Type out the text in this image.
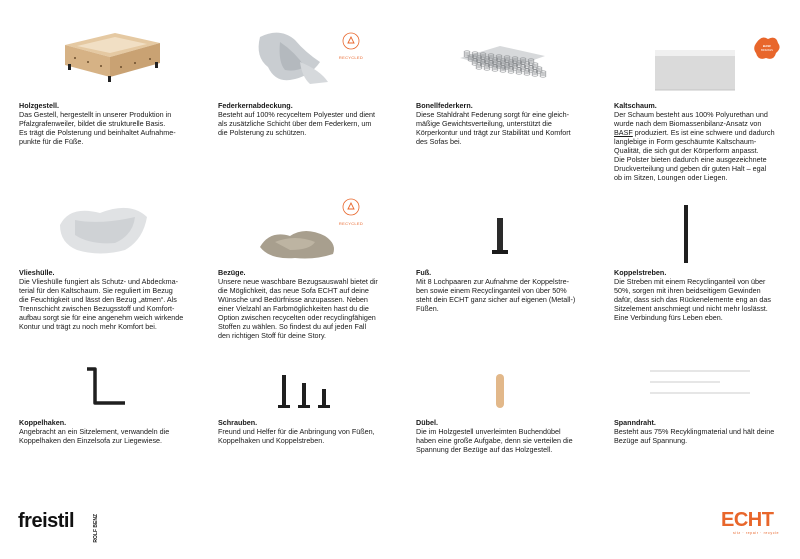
RECYCLED
BASF
BIOMASS
RECYCLED

Holzgestell.

Das Gestell, hergestellt in unserer Produktion in
Pfalzgrafenweiler, bildet die strukturelle Basis.
Es trägt die Polsterung und beinhaltet Aufnahme-
punkte für die Füße.

Federkernabdeckung.

Besteht auf 100% recyceltem Polyester und dient
als zusätzliche Schicht über dem Federkern, um
die Polsterung zu schützen.

Bonellfederkern.

Diese Stahldraht Federung sorgt für eine gleich-
mäßige Gewichtsverteilung, unterstützt die
Körperkontur und trägt zur Stabilität und Komfort
des Sofas bei.

Kaltschaum.

Der Schaum besteht aus 100% Polyurethan und
wurde nach dem Biomassenbilanz-Ansatz von
BASF produziert. Es ist eine schwere und dadurch
langlebige in Form geschäumte Kaltschaum-
Qualität, die sich gut der Körperform anpasst.
Die Polster bieten dadurch eine ausgezeichnete
Druckverteilung und geben dir guten Halt – egal
ob im Sitzen, Loungen oder Liegen.

Vlieshülle.

Die Vlieshülle fungiert als Schutz- und Abdeckma-
terial für den Kaltschaum. Sie reguliert im Bezug
die Feuchtigkeit und lässt den Bezug „atmen“. Als
Trennschicht zwischen Bezugsstoff und Komfort-
aufbau sorgt sie für eine angenehm weich wirkende
Kontur und trägt zu noch mehr Komfort bei.

Bezüge.

Unsere neue waschbare Bezugsauswahl bietet dir
die Möglichkeit, das neue Sofa ECHT auf deine
Wünsche und Bedürfnisse anzupassen. Neben
einer Vielzahl an Farbmöglichkeiten hast du die
Option zwischen recycelten oder recyclingfähigen
Stoffen zu wählen. So findest du auf jeden Fall
den richtigen Stoff für deine Story.

Fuß.

Mit 8 Lochpaaren zur Aufnahme der Koppelstre-
ben sowie einem Recyclinganteil von über 50%
steht dein ECHT ganz sicher auf eigenen (Metall-)
Füßen.

Koppelstreben.

Die Streben mit einem Recyclinganteil von über
50%, sorgen mit ihren beidseitigem Gewinden
dafür, dass sich das Rückenelemente eng an das
Sitzelement anschmiegt und nicht mehr loslässt.
Eine Verbindung fürs Leben eben.

Koppelhaken.

Angebracht an ein Sitzelement, verwandeln die
Koppelhaken den Einzelsofa zur Liegewiese.

Schrauben.

Freund und Helfer für die Anbringung von Füßen,
Koppelhaken und Koppelstreben.

Dübel.

Die im Holzgestell unverleimten Buchendübel
haben eine große Aufgabe, denn sie verteilen die
Spannung der Bezüge auf das Holzgestell.

Spanndraht.

Besteht aus 75% Recyklingmaterial und hält deine
Bezüge auf Spannung.

freistil	ROLF BENZ	ECHT
sitz · repair · recycle
